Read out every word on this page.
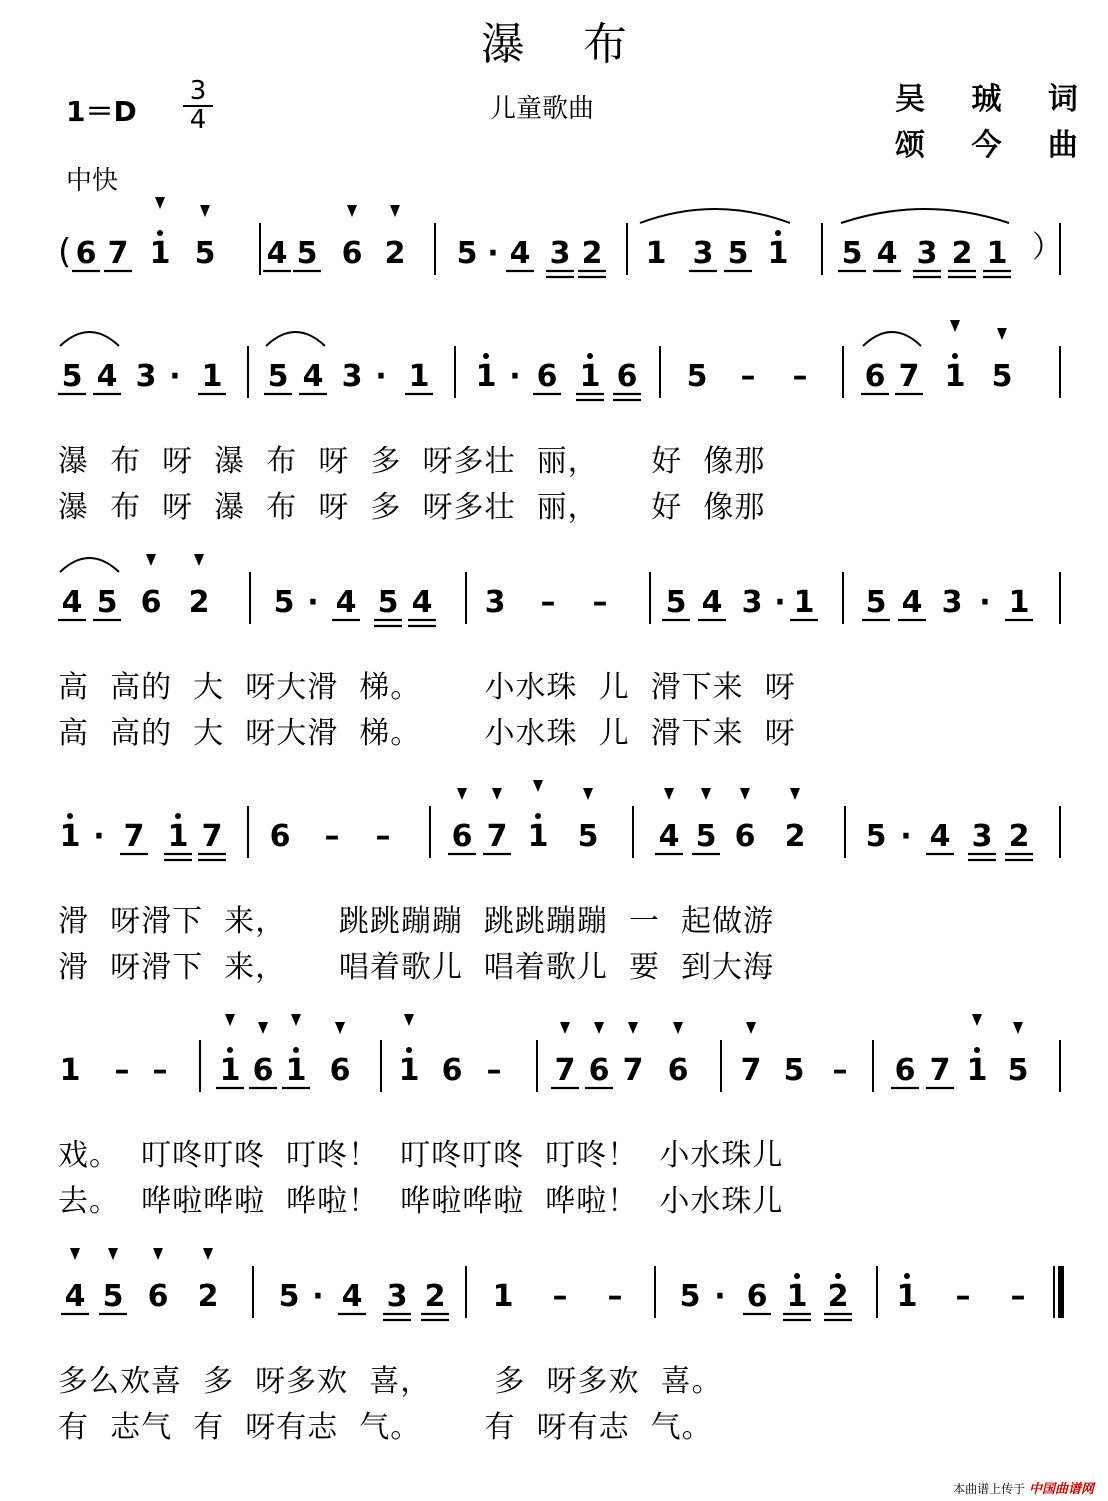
瀑布
$1=D \frac{3}{4}$	儿童歌曲	吴 珹 词
颂 今 曲
中快
( 6 7 1 5 4 5 6 2 5 · 4 3 2 1 3 5 1 5 4 3 2 1 ）
5 4 3 · 1 5 4 3 · 1 1 · 6 1 6 5 – – 6 7 1 5
瀑  布  呀  瀑  布  呀  多  呀多壮  丽，     好  像那
瀑  布  呀  瀑  布  呀  多  呀多壮  丽，     好  像那
4 5 6 2 5 · 4 5 4 3 – – 5 4 3 · 1 5 4 3 · 1
高  高的  大  呀大滑  梯。      小水珠  儿  滑下来  呀
高  高的  大  呀大滑  梯。      小水珠  儿  滑下来  呀
1 · 7 1 7 6 – – 6 7 1 5 4 5 6 2 5 · 4 3 2
滑  呀滑下  来，     跳跳蹦蹦  跳跳蹦蹦  一  起做游
滑  呀滑下  来，     唱着歌儿  唱着歌儿  要  到大海
1 – – 1 6 1 6 1 6 – 7 6 7 6 7 5 – 6 7 1 5
戏。  叮咚叮咚  叮咚！  叮咚叮咚  叮咚！  小水珠儿
去。  哗啦哗啦  哗啦！  哗啦哗啦  哗啦！  小水珠儿
4 5 6 2 5 · 4 3 2 1 – – 5 · 6 1 2 1 – –
多么欢喜  多  呀多欢  喜，      多  呀多欢  喜。
有  志气  有  呀有志  气。      有  呀有志  气。
本曲谱上传于 中国曲谱网
